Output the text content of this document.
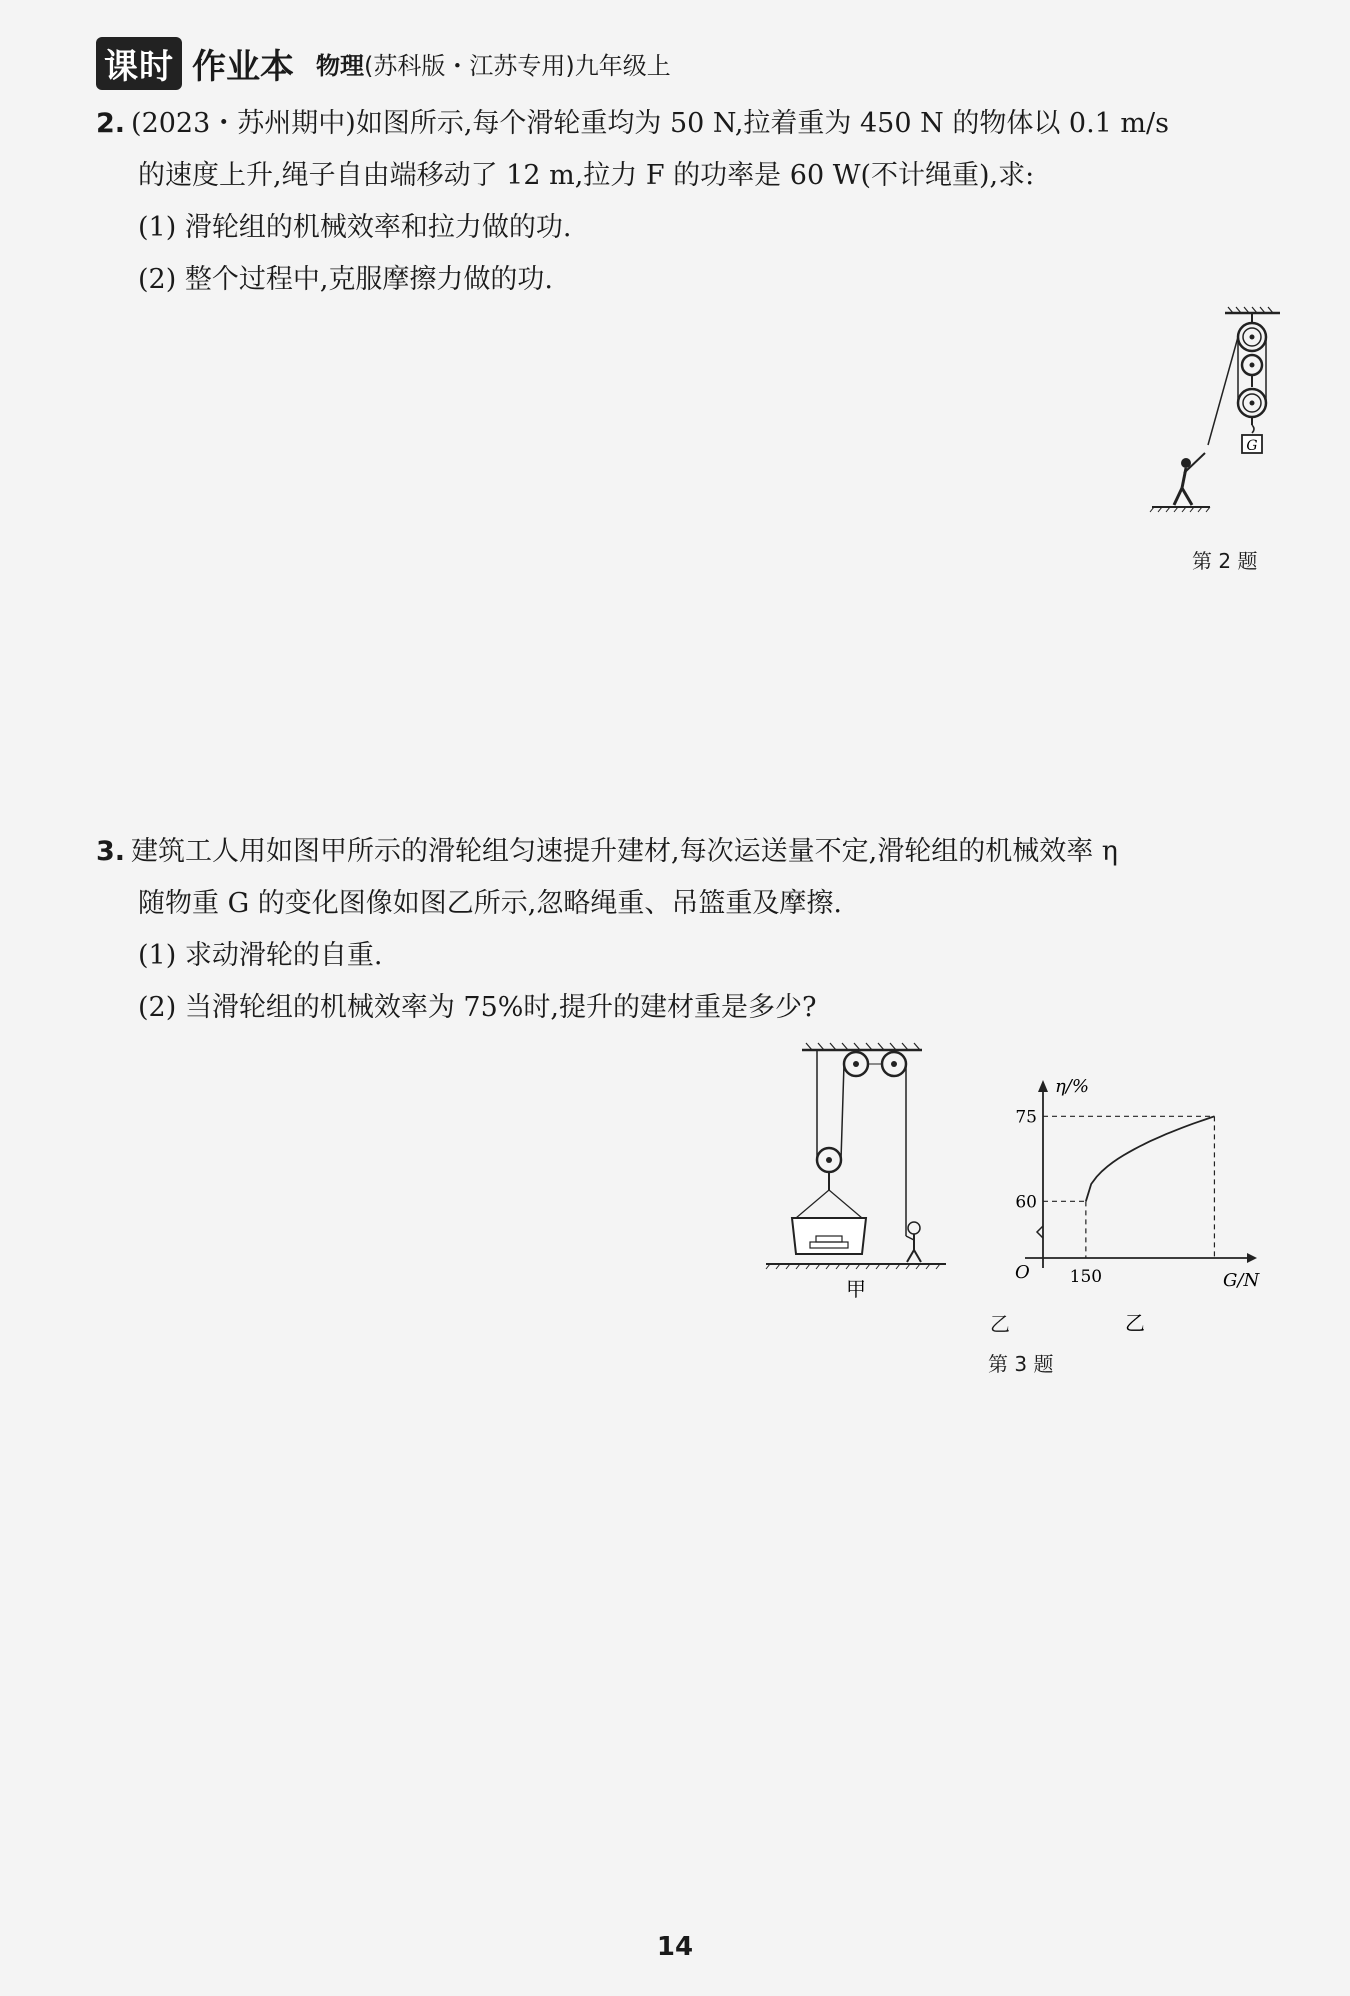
课时 作业本 物理 (苏科版・江苏专用)九年级上

2. (2023・苏州期中)如图所示,每个滑轮重均为 50 N,拉着重为 450 N 的物体以 0.1 m/s

的速度上升,绳子自由端移动了 12 m,拉力 F 的功率是 60 W(不计绳重),求:

(1) 滑轮组的机械效率和拉力做的功.

(2) 整个过程中,克服摩擦力做的功.

G
第 2 题

3. 建筑工人用如图甲所示的滑轮组匀速提升建材,每次运送量不定,滑轮组的机械效率 η

随物重 G 的变化图像如图乙所示,忽略绳重、吊篮重及摩擦.

(1) 求动滑轮的自重.

(2) 当滑轮组的机械效率为 75%时,提升的建材重是多少?

甲
60
75
150
η/%
G/N
O
乙
乙
第 3 题
14
